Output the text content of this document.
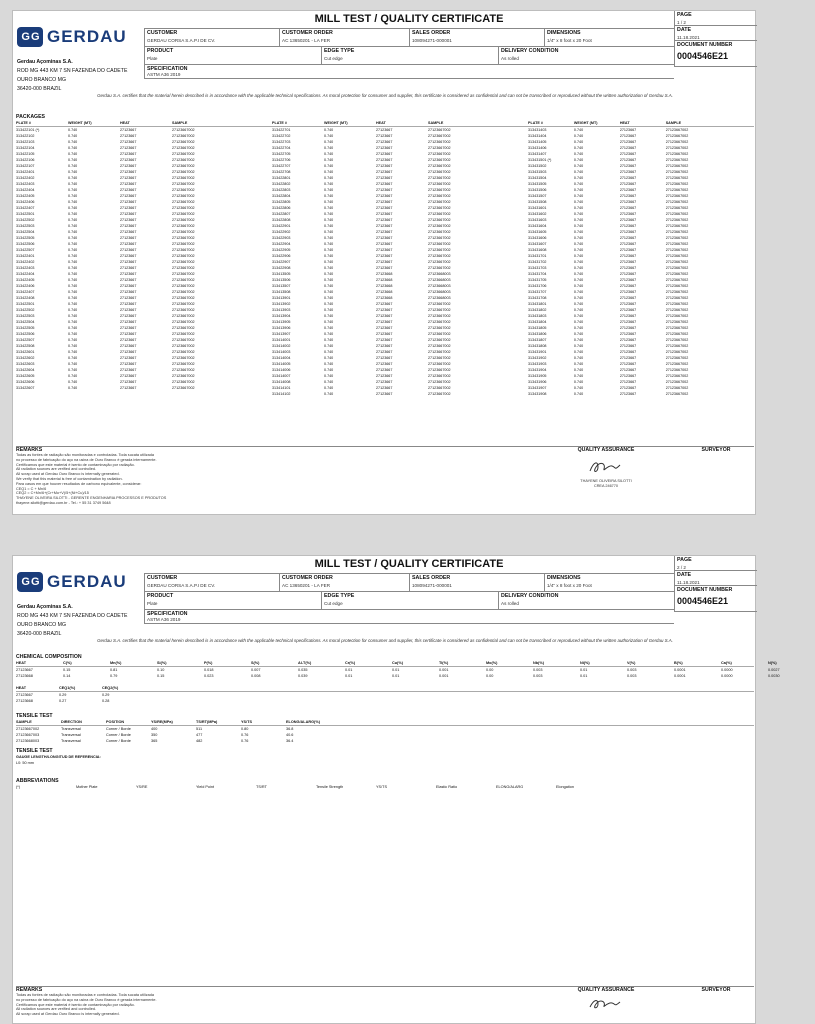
G G GERDAU
Gerdau Açominas S.A.
ROD MG 443 KM 7 SN FAZENDA DO CADETE
OURO BRANCO MG
36420-000 BRAZIL
MILL TEST / QUALITY CERTIFICATE	PAGE
1 / 2
DATE
11.18.2021
CUSTOMER
GERDAU CORSA S.A.P.I DE CV.
CUSTOMER ORDER
AC 13650201 - LA FER
SALES ORDER
108094271-000001
DIMENSIONS
1/4" x 8 foot x 20 Foot
PRODUCT
Plate
EDGE TYPE
Cut edge
DELIVERY CONDITION
As rolled
DOCUMENT NUMBER
0004546E21
SPECIFICATION
ASTM A36 2019
Gerdau S.A. certifies that the material herein described is in accordance with the applicable technical specifications. As moral protection for consumer and supplier, this certificate is considered as confidential and can not be transcribed or reproduced without the written authorization of Gerdau S.A.
PACKAGES
PLATE #	WEIGHT (MT)	HEAT	SAMPLE
313422101 (*)	0.740	27123667	27123667002
313422102	0.740	27123667	27123667002
313422103	0.740	27123667	27123667002
313422104	0.740	27123667	27123667002
313422105	0.740	27123667	27123667002
313422106	0.740	27123667	27123667002
313422107	0.740	27123667	27123667002
313422401	0.740	27123667	27123667002
313422402	0.740	27123667	27123667002
313422403	0.740	27123667	27123667002
313422404	0.740	27123667	27123667002
313422405	0.740	27123667	27123667002
313422406	0.740	27123667	27123667002
313422407	0.740	27123667	27123667002
313422501	0.740	27123667	27123667002
313422502	0.740	27123667	27123667002
313422503	0.740	27123667	27123667002
313422504	0.740	27123667	27123667002
313422505	0.740	27123667	27123667002
313422506	0.740	27123667	27123667002
313422507	0.740	27123667	27123667002
313422401	0.740	27123667	27123667002
313422402	0.740	27123667	27123667002
313422403	0.740	27123667	27123667002
313422404	0.740	27123667	27123667002
313422405	0.740	27123667	27123667002
313422406	0.740	27123667	27123667002
313422407	0.740	27123667	27123667002
313422408	0.740	27123667	27123667002
313422501	0.740	27123667	27123667002
313422502	0.740	27123667	27123667002
313422503	0.740	27123667	27123667002
313422504	0.740	27123667	27123667002
313422505	0.740	27123667	27123667002
313422506	0.740	27123667	27123667002
313422507	0.740	27123667	27123667002
313422508	0.740	27123667	27123667002
313422601	0.740	27123667	27123667002
313422602	0.740	27123667	27123667002
313422603	0.740	27123667	27123667002
313422604	0.740	27123667	27123667002
313422605	0.740	27123667	27123667002
313422606	0.740	27123667	27123667002
313422607	0.740	27123667	27123667002
PLATE #	WEIGHT (MT)	HEAT	SAMPLE
313422701	0.740	27123667	27123667002
313422702	0.740	27123667	27123667002
313422703	0.740	27123667	27123667002
313422704	0.740	27123667	27123667002
313422705	0.740	27123667	27123667002
313422706	0.740	27123667	27123667002
313422707	0.740	27123667	27123667002
313422708	0.740	27123667	27123667002
313422801	0.740	27123667	27123667002
313422802	0.740	27123667	27123667002
313422803	0.740	27123667	27123667002
313422804	0.740	27123667	27123667002
313422805	0.740	27123667	27123667002
313422806	0.740	27123667	27123667002
313422807	0.740	27123667	27123667002
313422808	0.740	27123667	27123667002
313422901	0.740	27123667	27123667002
313422902	0.740	27123667	27123667002
313422903	0.740	27123667	27123667002
313422904	0.740	27123667	27123667002
313422905	0.740	27123667	27123667002
313422906	0.740	27123667	27123667002
313422907	0.740	27123667	27123667002
313422908	0.740	27123667	27123667002
313413505	0.740	27123668	27123668003
313413506	0.740	27123668	27123668003
313413507	0.740	27123668	27123668003
313413508	0.740	27123668	27123668003
313413901	0.740	27123668	27123668003
313413902	0.740	27123667	27123667002
313413903	0.740	27123667	27123667002
313413904	0.740	27123667	27123667002
313413905	0.740	27123667	27123667002
313413906	0.740	27123667	27123667002
313413907	0.740	27123667	27123667002
313414001	0.740	27123667	27123667002
313414002	0.740	27123667	27123667002
313414003	0.740	27123667	27123667002
313414004	0.740	27123667	27123667002
313414005	0.740	27123667	27123667002
313414006	0.740	27123667	27123667002
313414007	0.740	27123667	27123667002
313414008	0.740	27123667	27123667002
313414101	0.740	27123667	27123667002
313414102	0.740	27123667	27123667002
PLATE #	WEIGHT (MT)	HEAT	SAMPLE
313431403	0.740	27123667	27123667002
313431404	0.740	27123667	27123667002
313431405	0.740	27123667	27123667002
313431406	0.740	27123667	27123667002
313431407	0.740	27123667	27123667002
313431501 (*)	0.740	27123667	27123667002
313431502	0.740	27123667	27123667002
313431503	0.740	27123667	27123667002
313431504	0.740	27123667	27123667002
313431505	0.740	27123667	27123667002
313431506	0.740	27123667	27123667002
313431507	0.740	27123667	27123667002
313431508	0.740	27123667	27123667002
313431601	0.740	27123667	27123667002
313431602	0.740	27123667	27123667002
313431603	0.740	27123667	27123667002
313431604	0.740	27123667	27123667002
313431605	0.740	27123667	27123667002
313431606	0.740	27123667	27123667002
313431607	0.740	27123667	27123667002
313431608	0.740	27123667	27123667002
313431701	0.740	27123667	27123667002
313431702	0.740	27123667	27123667002
313431703	0.740	27123667	27123667002
313431704	0.740	27123667	27123667002
313431705	0.740	27123667	27123667002
313431706	0.740	27123667	27123667002
313431707	0.740	27123667	27123667002
313431708	0.740	27123667	27123667002
313431801	0.740	27123667	27123667002
313431802	0.740	27123667	27123667002
313431803	0.740	27123667	27123667002
313431804	0.740	27123667	27123667002
313431805	0.740	27123667	27123667002
313431806	0.740	27123667	27123667002
313431807	0.740	27123667	27123667002
313431808	0.740	27123667	27123667002
313431901	0.740	27123667	27123667002
313431902	0.740	27123667	27123667002
313431903	0.740	27123667	27123667002
313431904	0.740	27123667	27123667002
313431905	0.740	27123667	27123667002
313431906	0.740	27123667	27123667002
313431907	0.740	27123667	27123667002
313431908	0.740	27123667	27123667002
REMARKS
Todas as fontes de radiação são monitoradas e controladas. Toda sucata utilizada
no processo de fabricação do aço na usina de Ouro Branco é gerada internamente.
Certificamos que este material é isento de contaminação por radiação.
All radiation sources are verified and controlled.
All scrap used at Gerdau Ouro Branco is internally generated.
We verify that this material is free of contamination by radiation.
Para casos em que houver resultados de carbono equivalente, considerar:
CEQ1 = C + Mn/6
CEQ2 = C+Mn/6+(Cr+Mo+V)/5+(Ni+Cu)/15
THAYENE OLIVEIRA SILOTTI - GERENTE ENGENHARIA PROCESSOS E PRODUTOS
thayene.silotti@gerdau.com.br - Tel.: + 55 31 3749 5648
QUALITY ASSURANCE
THAYENE OLIVEIRA SILOTTI
CREA 246770
SURVEYOR
G G GERDAU
Gerdau Açominas S.A.
ROD MG 443 KM 7 SN FAZENDA DO CADETE
OURO BRANCO MG
36420-000 BRAZIL
MILL TEST / QUALITY CERTIFICATE	PAGE
2 / 2
DATE
11.18.2021
CUSTOMER
GERDAU CORSA S.A.P.I DE CV.
CUSTOMER ORDER
AC 13650201 - LA FER
SALES ORDER
108094271-000001
DIMENSIONS
1/4" x 8 foot x 20 Foot
PRODUCT
Plate
EDGE TYPE
Cut edge
DELIVERY CONDITION
As rolled
DOCUMENT NUMBER
0004546E21
SPECIFICATION
ASTM A36 2019
Gerdau S.A. certifies that the material herein described is in accordance with the applicable technical specifications. As moral protection for consumer and supplier, this certificate is considered as confidential and can not be transcribed or reproduced without the written authorization of Gerdau S.A.
CHEMICAL COMPOSITION
HEAT	C(%)	Mn(%)	Si(%)	P(%)	S(%)	Al-T(%)	Cr(%)	Cu(%)	Ti(%)	Mo(%)	Nb(%)	Ni(%)	V(%)	B(%)	Ca(%)	N(%)
27123667	0.15	0.81	0.10	0.018	0.007	0.035	0.01	0.01	0.001	0.00	0.003	0.01	0.003	0.0001	0.0000	0.0027
27123668	0.14	0.79	0.15	0.023	0.008	0.039	0.01	0.01	0.001	0.00	0.003	0.01	0.003	0.0001	0.0000	0.0030
HEAT	CEQ1(%)	CEQ2(%)
27123667	0.29	0.29
27123668	0.27	0.28
TENSILE TEST
SAMPLE	DIRECTION	POSITION	YS/RE(MPa)	TS/RT(MPa)	YS/TS	ELONG/ALARG(%)
27123667002	Transversal	Corner / Borde	400	511	0.80	36.8
27123667003	Transversal	Corner / Borde	350	477	0.76	40.6
27123668003	Transversal	Corner / Borde	365	482	0.76	36.4
TENSILE TEST
GAUGE LENGTH/LONGITUD DE REFERENCIA:
L0: 50 mm
ABBREVIATIONS
(*)	Mother Plate	YS/RE	Yield Point	TS/RT	Tensile Strength	YS/TS	Elastic Ratio	ELONG/ALARG	Elongation
REMARKS
Todas as fontes de radiação são monitoradas e controladas. Toda sucata utilizada
no processo de fabricação do aço na usina de Ouro Branco é gerada internamente.
Certificamos que este material é isento de contaminação por radiação.
All radiation sources are verified and controlled.
All scrap used at Gerdau Ouro Branco is internally generated.
QUALITY ASSURANCE	SURVEYOR
